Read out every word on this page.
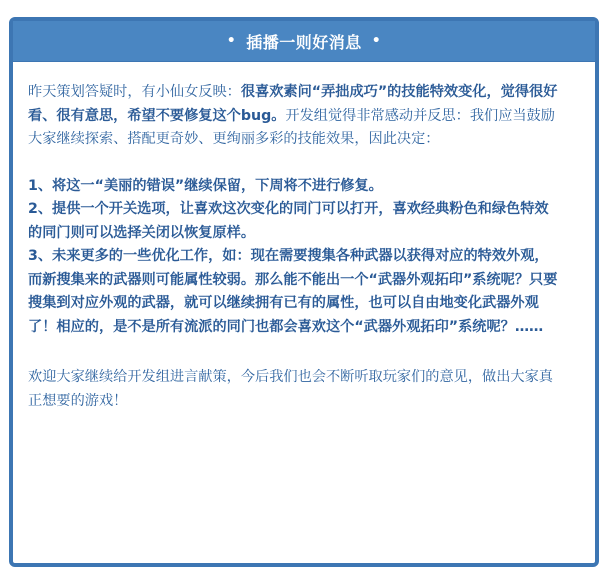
• 插播一则好消息 •

昨天策划答疑时，有小仙女反映：很喜欢素问“弄拙成巧”的技能特效变化，觉得很好看、很有意思，希望不要修复这个bug。开发组觉得非常感动并反思：我们应当鼓励大家继续探索、搭配更奇妙、更绚丽多彩的技能效果，因此决定：

1、将这一“美丽的错误”继续保留，下周将不进行修复。

2、提供一个开关选项，让喜欢这次变化的同门可以打开，喜欢经典粉色和绿色特效的同门则可以选择关闭以恢复原样。

3、未来更多的一些优化工作，如：现在需要搜集各种武器以获得对应的特效外观，而新搜集来的武器则可能属性较弱。那么能不能出一个“武器外观拓印”系统呢？只要搜集到对应外观的武器，就可以继续拥有已有的属性，也可以自由地变化武器外观了！相应的，是不是所有流派的同门也都会喜欢这个“武器外观拓印”系统呢？……

欢迎大家继续给开发组进言献策，今后我们也会不断听取玩家们的意见，做出大家真正想要的游戏！
